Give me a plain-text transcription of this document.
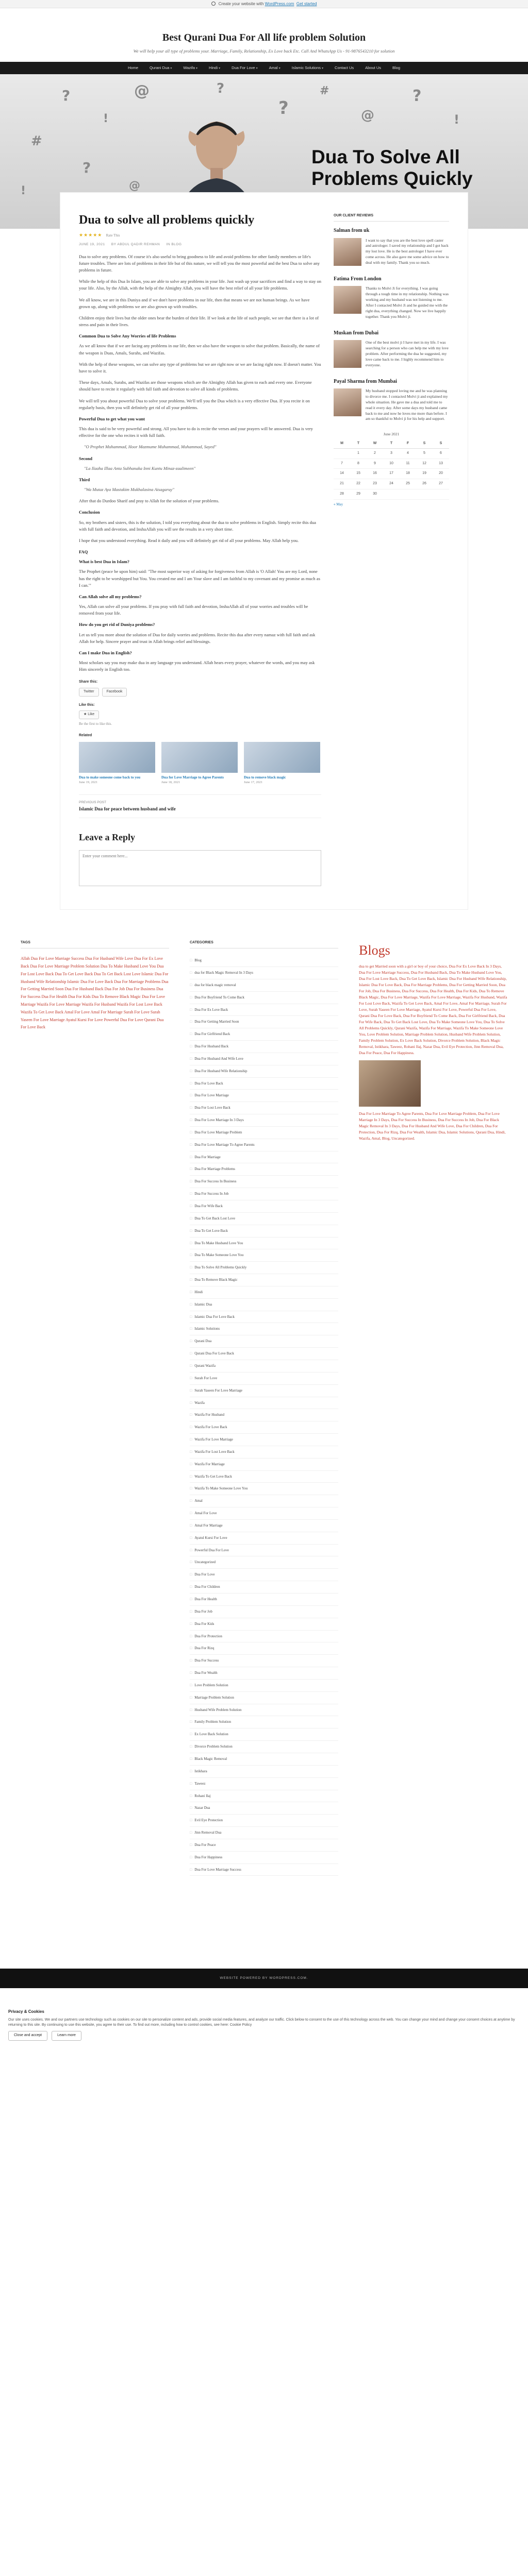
Create your website with WordPress.com Get started
Best Qurani Dua For All life problem Solution
We will help your all type of problems your. Marriage, Family, Relationship, Ex Love back Etc. Call And WhatsApp Us - 91-9876543210 for solution
Home	Qurani Dua ▾	Wazifa ▾	Hindi ▾	Dua For Love ▾	Amal ▾	Islamic Solutions ▾	Contact Us	About Us	Blog
?
!
@	?
?
#
@
?
!
#
?
@
!
Dua To Solve All Problems Quickly
Dua to solve all problems quickly
★★★★★ Rate This
JUNE 19, 2021 BY ABDUL QADIR REHMAN IN BLOG

Dua to solve any problems. Of course it's also useful to bring goodness to life and avoid problems for other family members or life's future troubles. There are lots of problems in their life but of this nature, we will tell you the most powerful and the best Dua to solve any problems in future.

While the help of this Dua In Islam, you are able to solve any problems in your life. Just wash up your sacrifices and find a way to stay on your life. Also, by the Allah, with the help of the Almighty Allah, you will have the best relief of all your life problems.

We all know, we are in this Duniya and if we don't have problems in our life, then that means we are not human beings. As we have grown up, along with problems we are also grown up with troubles.

Children enjoy their lives but the older ones bear the burden of their life. If we look at the life of such people, we see that there is a lot of stress and pain in their lives.

Common Dua to Solve Any Worries of life Problems

As we all know that if we are facing any problems in our life, then we also have the weapon to solve that problem. Basically, the name of the weapon is Duas, Amals, Surahs, and Wazifas.

With the help of these weapons, we can solve any type of problems but we are right now or we are facing right now. If doesn't matter. You have to solve it.

These days, Amals, Surahs, and Wazifas are those weapons which are the Almighty Allah has given to each and every one. Everyone should have to recite it regularly with full faith and devotion to solve all kinds of problems.

We will tell you about powerful Dua to solve your problems. We'll tell you the Dua which is a very effective Dua. If you recite it on regularly basis, then you will definitely get rid of all your problems.

Powerful Dua to get what you want

This dua is said to be very powerful and strong. All you have to do is recite the verses and your prayers will be answered. Dua is very effective for the one who recites it with full faith.

"O Prophet Muhammad, Hoor Mazmume Muhammad, Muhammad, Sayed"
Second
"La Ilaaha Illaa Anta Subhanaka Inni Kuntu Minaz-zaalimeen"
Third
"Wa Mutaz Aya Mastakim Mukhalasina Aisagaruy"

After that do Durdoo Sharif and pray to Allah for the solution of your problems.

Conclusion

So, my brothers and sisters, this is the solution, I told you everything about the dua to solve problems in English. Simply recite this dua with full faith and devotion, and InshaAllah you will see the results in a very short time.

I hope that you understood everything. Read it daily and you will definitely get rid of all your problems. May Allah help you.

FAQ
What is best Dua in Islam?

The Prophet (peace be upon him) said: "The most superior way of asking for forgiveness from Allah is 'O Allah! You are my Lord, none has the right to be worshipped but You. You created me and I am Your slave and I am faithful to my covenant and my promise as much as I can.'"

Can Allah solve all my problems?

Yes, Allah can solve all your problems. If you pray with full faith and devotion, InshaAllah all of your worries and troubles will be removed from your life.

How do you get rid of Duniya problems?

Let us tell you more about the solution of Dua for daily worries and problems. Recite this dua after every namaz with full faith and ask Allah for help. Sincere prayer and trust in Allah brings relief and blessings.

Can I make Dua in English?

Most scholars say you may make dua in any language you understand. Allah hears every prayer, whatever the words, and you may ask Him sincerely in English too.

Share this:
Twitter	Facebook
Like this:
★ Like
Be the first to like this.
Related
Dua to make someone come back to you
June 19, 2021
Dua for Love Marriage to Agree Parents
June 18, 2021
Dua to remove black magic
June 17, 2021
PREVIOUS POST
Islamic Dua for peace between husband and wife
Leave a Reply
Enter your comment here...
OUR CLIENT REVIEWS
Salman from uk

I want to say that you are the best love spell caster and astrologer. I saved my relationship and I got back my lost love. He is the best astrologer I have ever come across. He also gave me some advice on how to deal with my family. Thank you so much.

Fatima From London

Thanks to Molvi Ji for everything. I was going through a tough time in my relationship. Nothing was working and my husband was not listening to me. After I contacted Molvi Ji and he guided me with the right dua, everything changed. Now we live happily together. Thank you Molvi ji.

Muskan from Dubai

One of the best molvi ji I have met in my life. I was searching for a person who can help me with my love problem. After performing the dua he suggested, my love came back to me. I highly recommend him to everyone.

Payal Sharma from Mumbai

My husband stopped loving me and he was planning to divorce me. I contacted Molvi ji and explained my whole situation. He gave me a dua and told me to read it every day. After some days my husband came back to me and now he loves me more than before. I am so thankful to Molvi ji for his help and support.

June 2021
M	T	W	T	F	S	S
	1	2	3	4	5	6
7	8	9	10	11	12	13
14	15	16	17	18	19	20
21	22	23	24	25	26	27
28	29	30				
« May
TAGS
Allah Dua For Love Marriage Success Dua For Husband Wife Love Dua For Ex Love Back Dua For Love Marriage Problem Solution Dua To Make Husband Love You Dua For Lost Love Back Dua To Get Love Back Dua To Get Back Lost Love Islamic Dua For Husband Wife Relationship Islamic Dua For Love Back Dua For Marriage Problems Dua For Getting Married Soon Dua For Husband Back Dua For Job Dua For Business Dua For Success Dua For Health Dua For Kids Dua To Remove Black Magic Dua For Love Marriage Wazifa For Love Marriage Wazifa For Husband Wazifa For Lost Love Back Wazifa To Get Love Back Amal For Love Amal For Marriage Surah For Love Surah Yaseen For Love Marriage Ayatul Kursi For Love Powerful Dua For Love Qurani Dua For Love Back
CATEGORIES
□ Blog
□ dua for Black Magic Removal In 3 Days
□ dua for black magic removal
□ Dua For Boyfriend To Come Back
□ Dua For Ex Love Back
□ Dua For Getting Married Soon
□ Dua For Girlfriend Back
□ Dua For Husband Back
□ Dua For Husband And Wife Love
□ Dua For Husband Wife Relationship
□ Dua For Love Back
□ Dua For Love Marriage
□ Dua For Lost Love Back
□ Dua For Love Marriage In 3 Days
□ Dua For Love Marriage Problem
□ Dua For Love Marriage To Agree Parents
□ Dua For Marriage
□ Dua For Marriage Problems
□ Dua For Success In Business
□ Dua For Success In Job
□ Dua For Wife Back
□ Dua To Get Back Lost Love
□ Dua To Get Love Back
□ Dua To Make Husband Love You
□ Dua To Make Someone Love You
□ Dua To Solve All Problems Quickly
□ Dua To Remove Black Magic
□ Hindi
□ Islamic Dua
□ Islamic Dua For Love Back
□ Islamic Solutions
□ Qurani Dua
□ Qurani Dua For Love Back
□ Qurani Wazifa
□ Surah For Love
□ Surah Yaseen For Love Marriage
□ Wazifa
□ Wazifa For Husband
□ Wazifa For Love Back
□ Wazifa For Love Marriage
□ Wazifa For Lost Love Back
□ Wazifa For Marriage
□ Wazifa To Get Love Back
□ Wazifa To Make Someone Love You
□ Amal
□ Amal For Love
□ Amal For Marriage
□ Ayatul Kursi For Love
□ Powerful Dua For Love
□ Uncategorized
□ Dua For Love
□ Dua For Children
□ Dua For Health
□ Dua For Job
□ Dua For Kids
□ Dua For Protection
□ Dua For Rizq
□ Dua For Success
□ Dua For Wealth
□ Love Problem Solution
□ Marriage Problem Solution
□ Husband Wife Problem Solution
□ Family Problem Solution
□ Ex Love Back Solution
□ Divorce Problem Solution
□ Black Magic Removal
□ Istikhara
□ Taweez
□ Rohani Ilaj
□ Nazar Dua
□ Evil Eye Protection
□ Jinn Removal Dua
□ Dua For Peace
□ Dua For Happiness
□ Dua For Love Marriage Success
Blogs
dua to get Married soon with a girl or boy of your choice, Dua For Ex Love Back In 3 Days, Dua For Love Marriage Success, Dua For Husband Back, Dua To Make Husband Love You, Dua For Lost Love Back, Dua To Get Love Back, Islamic Dua For Husband Wife Relationship, Islamic Dua For Love Back, Dua For Marriage Problems, Dua For Getting Married Soon, Dua For Job, Dua For Business, Dua For Success, Dua For Health, Dua For Kids, Dua To Remove Black Magic, Dua For Love Marriage, Wazifa For Love Marriage, Wazifa For Husband, Wazifa For Lost Love Back, Wazifa To Get Love Back, Amal For Love, Amal For Marriage, Surah For Love, Surah Yaseen For Love Marriage, Ayatul Kursi For Love, Powerful Dua For Love, Qurani Dua For Love Back, Dua For Boyfriend To Come Back, Dua For Girlfriend Back, Dua For Wife Back, Dua To Get Back Lost Love, Dua To Make Someone Love You, Dua To Solve All Problems Quickly, Qurani Wazifa, Wazifa For Marriage, Wazifa To Make Someone Love You, Love Problem Solution, Marriage Problem Solution, Husband Wife Problem Solution, Family Problem Solution, Ex Love Back Solution, Divorce Problem Solution, Black Magic Removal, Istikhara, Taweez, Rohani Ilaj, Nazar Dua, Evil Eye Protection, Jinn Removal Dua, Dua For Peace, Dua For Happiness.
Dua For Love Marriage To Agree Parents, Dua For Love Marriage Problem, Dua For Love Marriage In 3 Days, Dua For Success In Business, Dua For Success In Job, Dua For Black Magic Removal In 3 Days, Dua For Husband And Wife Love, Dua For Children, Dua For Protection, Dua For Rizq, Dua For Wealth, Islamic Dua, Islamic Solutions, Qurani Dua, Hindi, Wazifa, Amal, Blog, Uncategorized.
WEBSITE POWERED BY WORDPRESS.COM.
Privacy & Cookies

Our site uses cookies. We and our partners use technology such as cookies on our site to personalize content and ads, provide social media features, and analyze our traffic. Click below to consent to the use of this technology across the web. You can change your mind and change your consent choices at anytime by returning to this site. By continuing to use this website, you agree to their use. To find out more, including how to control cookies, see here: Cookie Policy

Close and accept	Learn more
